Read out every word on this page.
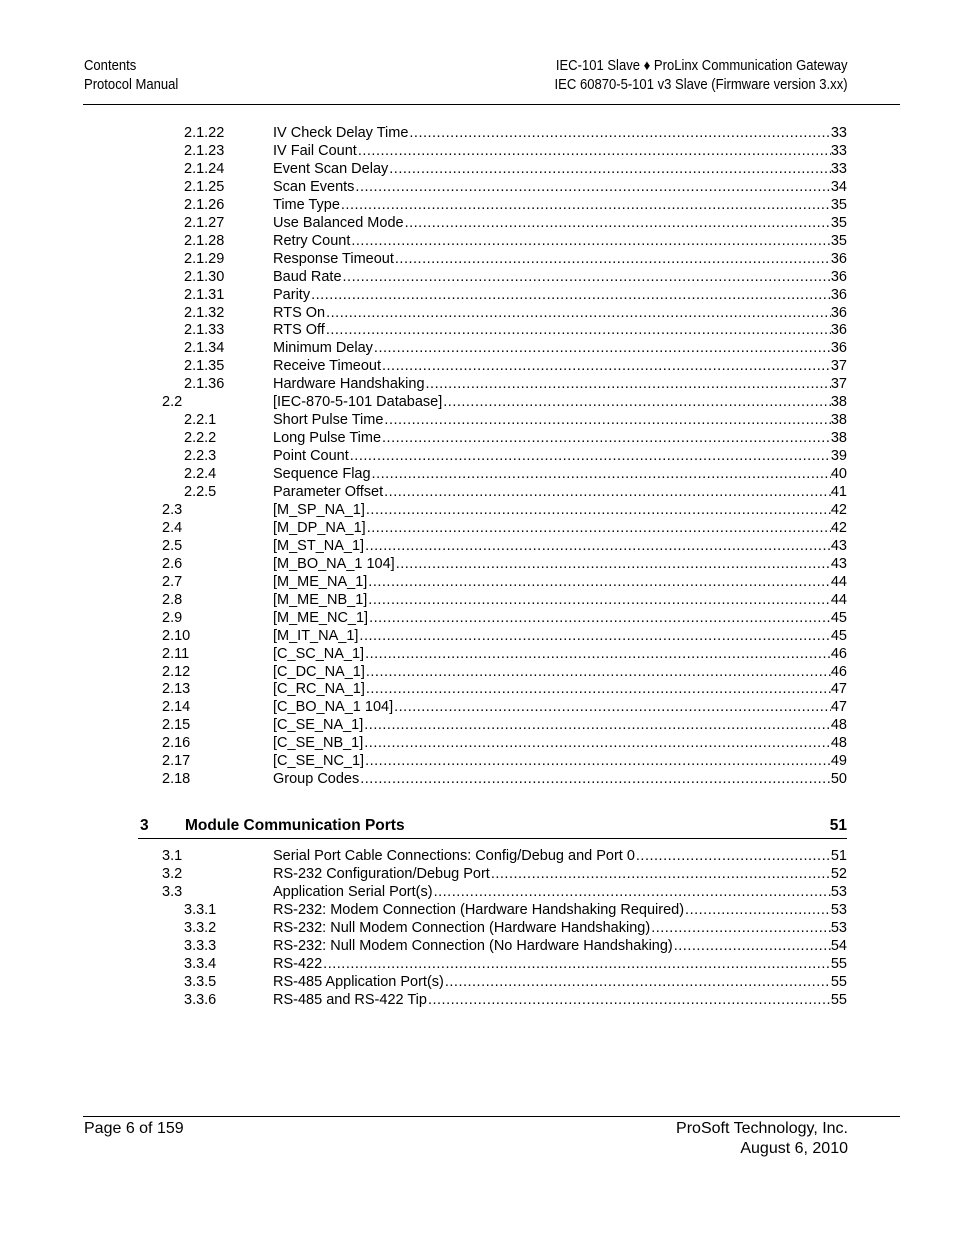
Contents
Protocol Manual
IEC-101 Slave ♦ ProLinx Communication Gateway
IEC 60870-5-101 v3 Slave (Firmware version 3.xx)
2.1.22	IV Check Delay Time .....	33
2.1.23	IV Fail Count .....	33
2.1.24	Event Scan Delay .....	33
2.1.25	Scan Events .....	34
2.1.26	Time Type .....	35
2.1.27	Use Balanced Mode .....	35
2.1.28	Retry Count .....	35
2.1.29	Response Timeout .....	36
2.1.30	Baud Rate .....	36
2.1.31	Parity .....	36
2.1.32	RTS On .....	36
2.1.33	RTS Off .....	36
2.1.34	Minimum Delay .....	36
2.1.35	Receive Timeout .....	37
2.1.36	Hardware Handshaking .....	37
2.2	[IEC-870-5-101 Database] .....	38
2.2.1	Short Pulse Time .....	38
2.2.2	Long Pulse Time .....	38
2.2.3	Point Count .....	39
2.2.4	Sequence Flag .....	40
2.2.5	Parameter Offset .....	41
2.3	[M_SP_NA_1] .....	42
2.4	[M_DP_NA_1] .....	42
2.5	[M_ST_NA_1] .....	43
2.6	[M_BO_NA_1 104] .....	43
2.7	[M_ME_NA_1] .....	44
2.8	[M_ME_NB_1] .....	44
2.9	[M_ME_NC_1] .....	45
2.10	[M_IT_NA_1] .....	45
2.11	[C_SC_NA_1] .....	46
2.12	[C_DC_NA_1] .....	46
2.13	[C_RC_NA_1] .....	47
2.14	[C_BO_NA_1 104] .....	47
2.15	[C_SE_NA_1] .....	48
2.16	[C_SE_NB_1] .....	48
2.17	[C_SE_NC_1] .....	49
2.18	Group Codes .....	50
3 Module Communication Ports	51
3.1	Serial Port Cable Connections: Config/Debug and Port 0 .....	51
3.2	RS-232 Configuration/Debug Port .....	52
3.3	Application Serial Port(s) .....	53
3.3.1	RS-232: Modem Connection (Hardware Handshaking Required) .....	53
3.3.2	RS-232: Null Modem Connection (Hardware Handshaking) .....	53
3.3.3	RS-232: Null Modem Connection (No Hardware Handshaking) .....	54
3.3.4	RS-422 .....	55
3.3.5	RS-485 Application Port(s) .....	55
3.3.6	RS-485 and RS-422 Tip .....	55
Page 6 of 159	ProSoft Technology, Inc.
August 6, 2010
